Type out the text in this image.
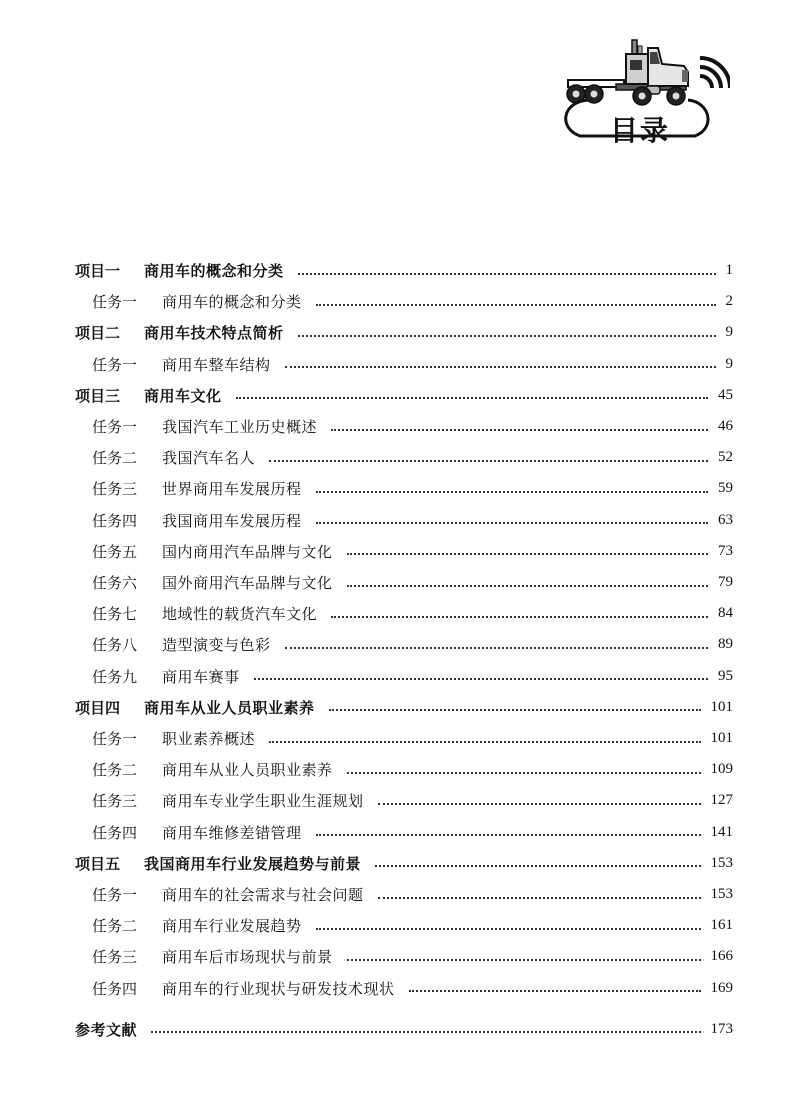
目录
项目一	商用车的概念和分类	1
任务一	商用车的概念和分类	2
项目二	商用车技术特点简析	9
任务一	商用车整车结构	9
项目三	商用车文化	45
任务一	我国汽车工业历史概述	46
任务二	我国汽车名人	52
任务三	世界商用车发展历程	59
任务四	我国商用车发展历程	63
任务五	国内商用汽车品牌与文化	73
任务六	国外商用汽车品牌与文化	79
任务七	地域性的载货汽车文化	84
任务八	造型演变与色彩	89
任务九	商用车赛事	95
项目四	商用车从业人员职业素养	101
任务一	职业素养概述	101
任务二	商用车从业人员职业素养	109
任务三	商用车专业学生职业生涯规划	127
任务四	商用车维修差错管理	141
项目五	我国商用车行业发展趋势与前景	153
任务一	商用车的社会需求与社会问题	153
任务二	商用车行业发展趋势	161
任务三	商用车后市场现状与前景	166
任务四	商用车的行业现状与研发技术现状	169
参考文献	173
